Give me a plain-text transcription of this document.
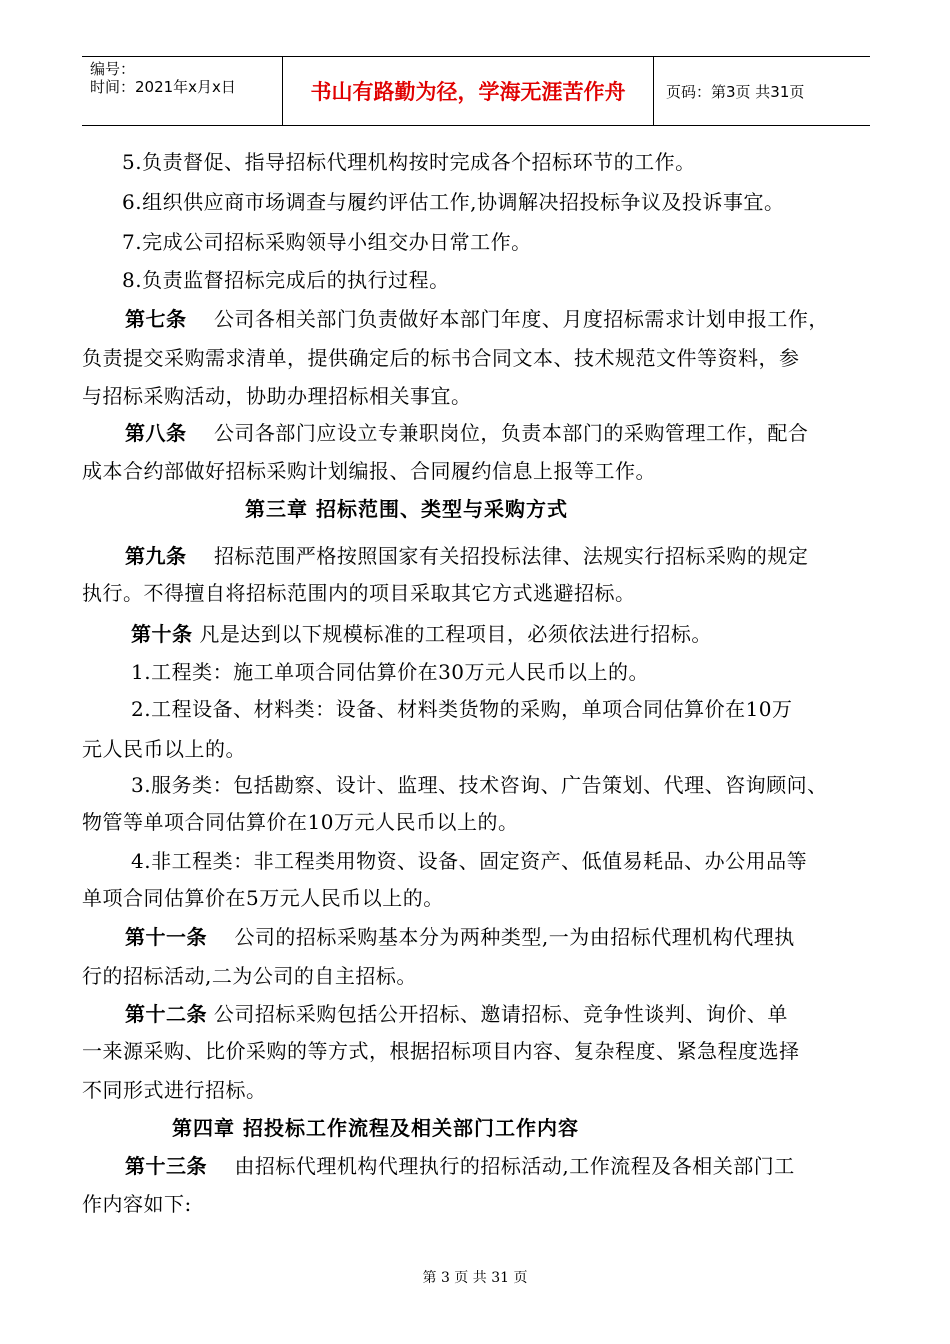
编号：
时间：2021年x月x日	书山有路勤为径，学海无涯苦作舟	页码：第3页 共31页
5.负责督促、指导招标代理机构按时完成各个招标环节的工作。
6.组织供应商市场调查与履约评估工作,协调解决招投标争议及投诉事宜。
7.完成公司招标采购领导小组交办日常工作。
8.负责监督招标完成后的执行过程。
第七条 公司各相关部门负责做好本部门年度、月度招标需求计划申报工作，
负责提交采购需求清单，提供确定后的标书合同文本、技术规范文件等资料，参
与招标采购活动，协助办理招标相关事宜。
第八条 公司各部门应设立专兼职岗位，负责本部门的采购管理工作，配合
成本合约部做好招标采购计划编报、合同履约信息上报等工作。
第三章 招标范围、类型与采购方式
第九条 招标范围严格按照国家有关招投标法律、法规实行招标采购的规定
执行。不得擅自将招标范围内的项目采取其它方式逃避招标。
第十条 凡是达到以下规模标准的工程项目，必须依法进行招标。
1.工程类：施工单项合同估算价在30万元人民币以上的。
2.工程设备、材料类：设备、材料类货物的采购，单项合同估算价在10万
元人民币以上的。
3.服务类：包括勘察、设计、监理、技术咨询、广告策划、代理、咨询顾问、
物管等单项合同估算价在10万元人民币以上的。
4.非工程类：非工程类用物资、设备、固定资产、低值易耗品、办公用品等
单项合同估算价在5万元人民币以上的。
第十一条 公司的招标采购基本分为两种类型,一为由招标代理机构代理执
行的招标活动,二为公司的自主招标。
第十二条 公司招标采购包括公开招标、邀请招标、竞争性谈判、询价、单
一来源采购、比价采购的等方式，根据招标项目内容、复杂程度、紧急程度选择
不同形式进行招标。
第四章 招投标工作流程及相关部门工作内容
第十三条 由招标代理机构代理执行的招标活动,工作流程及各相关部门工
作内容如下:
第 3 页 共 31 页
